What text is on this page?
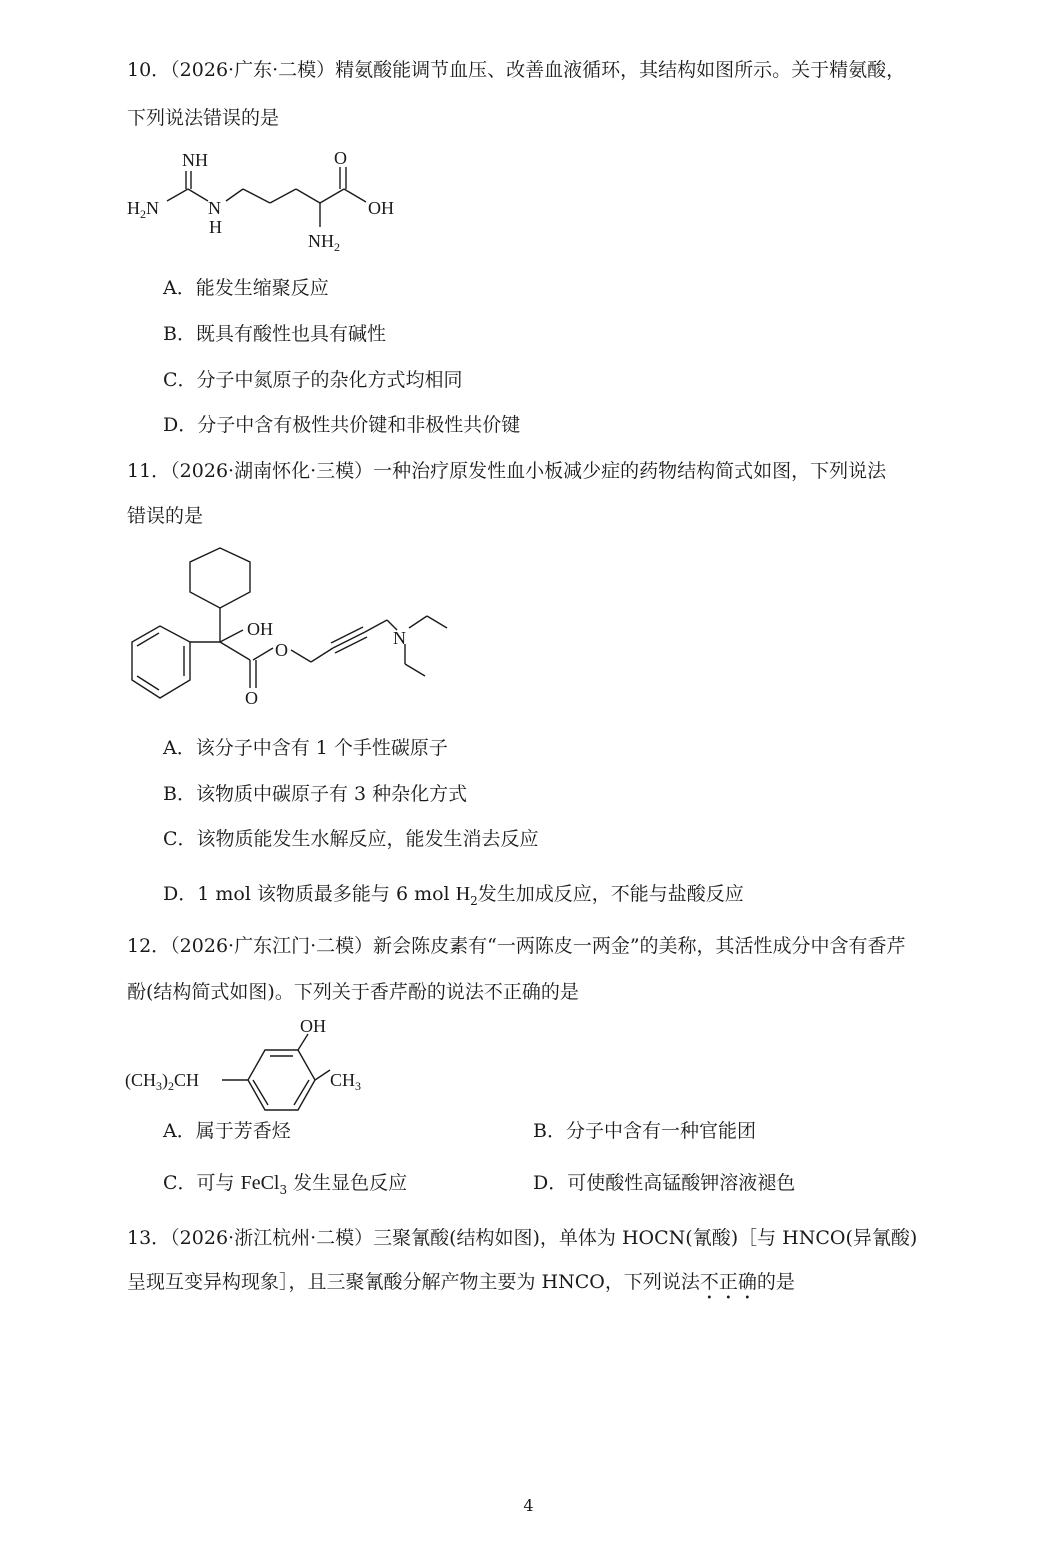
10．（2026·广东·二模）精氨酸能调节血压、改善血液循环，其结构如图所示。关于精氨酸，
下列说法错误的是
NH
$H_2N$	N
H
O
OH
$NH_2$
A．能发生缩聚反应
B．既具有酸性也具有碱性
C．分子中氮原子的杂化方式均相同
D．分子中含有极性共价键和非极性共价键
11．（2026·湖南怀化·三模）一种治疗原发性血小板减少症的药物结构简式如图，下列说法
错误的是
OH
O
O
N
A．该分子中含有 1 个手性碳原子
B．该物质中碳原子有 3 种杂化方式
C．该物质能发生水解反应，能发生消去反应
D．1 mol 该物质最多能与 6 mol $H_2$发生加成反应，不能与盐酸反应
12．（2026·广东江门·二模）新会陈皮素有“一两陈皮一两金”的美称，其活性成分中含有香芹
酚(结构简式如图)。下列关于香芹酚的说法不正确的是
OH
$(CH_3)_2CH$	$CH_3$
A．属于芳香烃	B．分子中含有一种官能团
C．可与 FeCl$_3$ 发生显色反应	D．可使酸性高锰酸钾溶液褪色
13．（2026·浙江杭州·二模）三聚氰酸(结构如图)，单体为 HOCN(氰酸)［与 HNCO(异氰酸)
呈现互变异构现象］，且三聚氰酸分解产物主要为 HNCO，下列说法不正确的是
4
